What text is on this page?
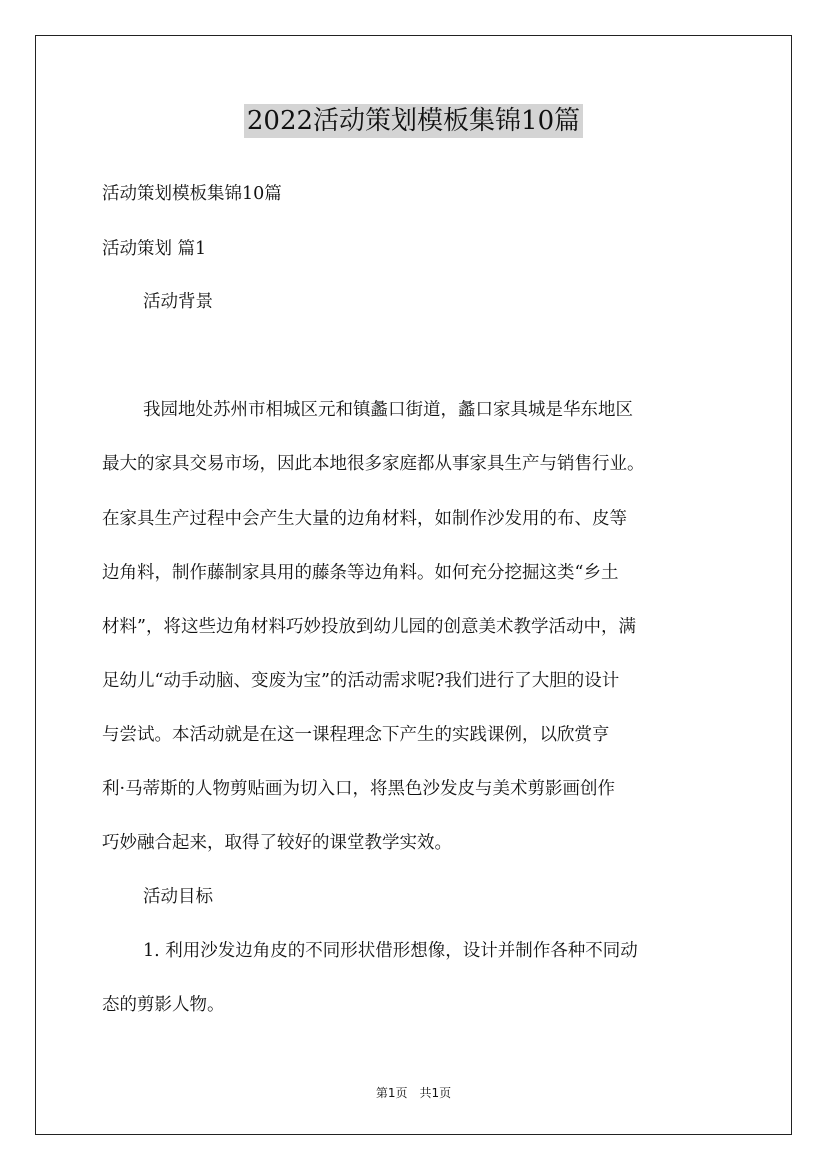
2022活动策划模板集锦10篇

活动策划模板集锦10篇

活动策划 篇1

活动背景

我园地处苏州市相城区元和镇蠡口街道，蠡口家具城是华东地区

最大的家具交易市场，因此本地很多家庭都从事家具生产与销售行业。

在家具生产过程中会产生大量的边角材料，如制作沙发用的布、皮等

边角料，制作藤制家具用的藤条等边角料。如何充分挖掘这类“乡土

材料”，将这些边角材料巧妙投放到幼儿园的创意美术教学活动中，满

足幼儿“动手动脑、变废为宝”的活动需求呢?我们进行了大胆的设计

与尝试。本活动就是在这一课程理念下产生的实践课例，以欣赏亨

利·马蒂斯的人物剪贴画为切入口，将黑色沙发皮与美术剪影画创作

巧妙融合起来，取得了较好的课堂教学实效。

活动目标

1. 利用沙发边角皮的不同形状借形想像，设计并制作各种不同动

态的剪影人物。

第1页　共1页
